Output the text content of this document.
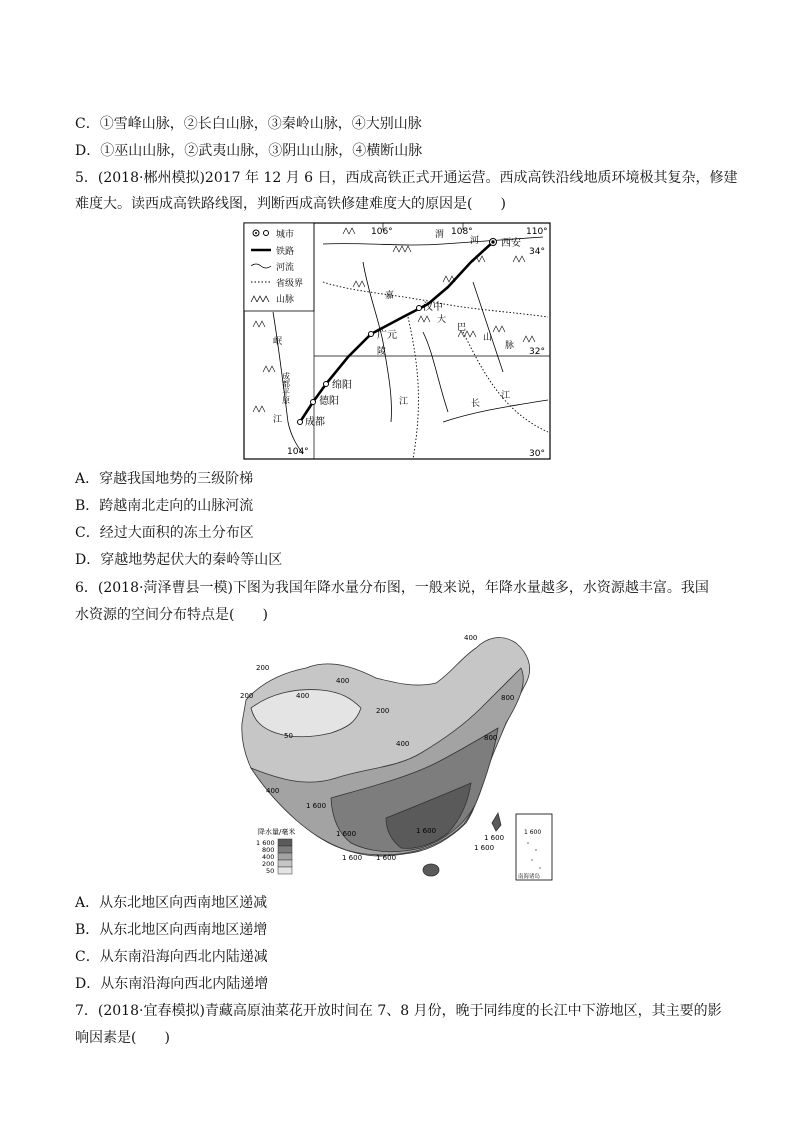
C．①雪峰山脉，②长白山脉，③秦岭山脉，④大别山脉
D．①巫山山脉，②武夷山脉，③阴山山脉，④横断山脉
5．(2018·郴州模拟)2017 年 12 月 6 日，西成高铁正式开通运营。西成高铁沿线地质环境极其复杂，修建
难度大。读西成高铁路线图，判断西成高铁修建难度大的原因是(　　)
城市
铁路
河流
省级界
山脉
西安
汉中
广元
绵阳
德阳
成都
渭
河
嘉
陵
江
大
巴
山
脉
岷
江
长
江
成都平原
106°	108°	110°
104°
34°
32°
30°
A．穿越我国地势的三级阶梯
B．跨越南北走向的山脉河流
C．经过大面积的冻土分布区
D．穿越地势起伏大的秦岭等山区
6．(2018·菏泽曹县一模)下图为我国年降水量分布图，一般来说，年降水量越多，水资源越丰富。我国
水资源的空间分布特点是(　　)
400
200
200	400
400
50
200
400
800
800
1 600	1 600
1 600 1 600
1 600
1 600
400
1 600
降水量/毫米
1 600
800
400
200
50
1 600
南海诸岛
A．从东北地区向西南地区递减
B．从东北地区向西南地区递增
C．从东南沿海向西北内陆递减
D．从东南沿海向西北内陆递增
7．(2018·宜春模拟)青藏高原油菜花开放时间在 7、8 月份，晚于同纬度的长江中下游地区，其主要的影
响因素是(　　)
